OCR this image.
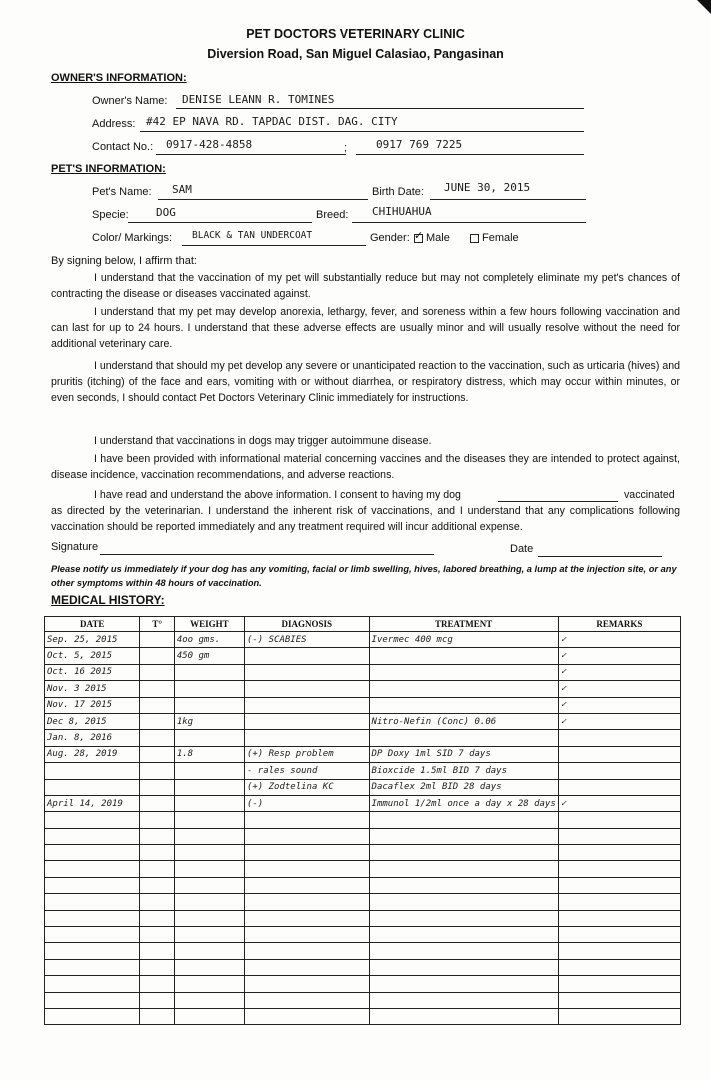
PET DOCTORS VETERINARY CLINIC
Diversion Road, San Miguel Calasiao, Pangasinan
OWNER'S INFORMATION:
Owner's Name: DENISE LEANN R. TOMINES
Address: #42 EP NAVA RD. TAPDAC DIST. DAG. CITY
Contact No.: 0917-428-4858	;	0917 769 7225
PET'S INFORMATION:
Pet's Name: SAM	Birth Date: JUNE 30, 2015
Specie: DOG	Breed: CHIHUAHUA
Color/ Markings: BLACK & TAN UNDERCOAT	Gender: ✓ Male	Female
By signing below, I affirm that:
I understand that the vaccination of my pet will substantially reduce but may not completely eliminate my pet's chances of contracting the disease or diseases vaccinated against.
I understand that my pet may develop anorexia, lethargy, fever, and soreness within a few hours following vaccination and can last for up to 24 hours. I understand that these adverse effects are usually minor and will usually resolve without the need for additional veterinary care.
I understand that should my pet develop any severe or unanticipated reaction to the vaccination, such as urticaria (hives) and pruritis (itching) of the face and ears, vomiting with or without diarrhea, or respiratory distress, which may occur within minutes, or even seconds, I should contact Pet Doctors Veterinary Clinic immediately for instructions.
I understand that vaccinations in dogs may trigger autoimmune disease.
I have been provided with informational material concerning vaccines and the diseases they are intended to protect against, disease incidence, vaccination recommendations, and adverse reactions.
I have read and understand the above information. I consent to having my dog	vaccinated
as directed by the veterinarian. I understand the inherent risk of vaccinations, and I understand that any complications following vaccination should be reported immediately and any treatment required will incur additional expense.
Signature	Date
Please notify us immediately if your dog has any vomiting, facial or limb swelling, hives, labored breathing, a lump at the injection site, or any other symptoms within 48 hours of vaccination.
MEDICAL HISTORY:
DATE	T°	WEIGHT	DIAGNOSIS	TREATMENT	REMARKS
Sep. 25, 2015		4oo gms.	(-) SCABIES	Ivermec 400 mcg	✓
Oct. 5, 2015		450 gm			✓
Oct. 16 2015					✓
Nov. 3 2015					✓
Nov. 17 2015					✓
Dec 8, 2015		1kg		Nitro-Nefin (Conc) 0.06	✓
Jan. 8, 2016					
Aug. 28, 2019		1.8	(+) Resp problem	DP Doxy 1ml SID 7 days	
			- rales sound	Bioxcide 1.5ml BID 7 days	
			(+) Zodtelina KC	Dacaflex 2ml BID 28 days	
April 14, 2019			(-)	Immunol 1/2ml once a day x 28 days	✓
